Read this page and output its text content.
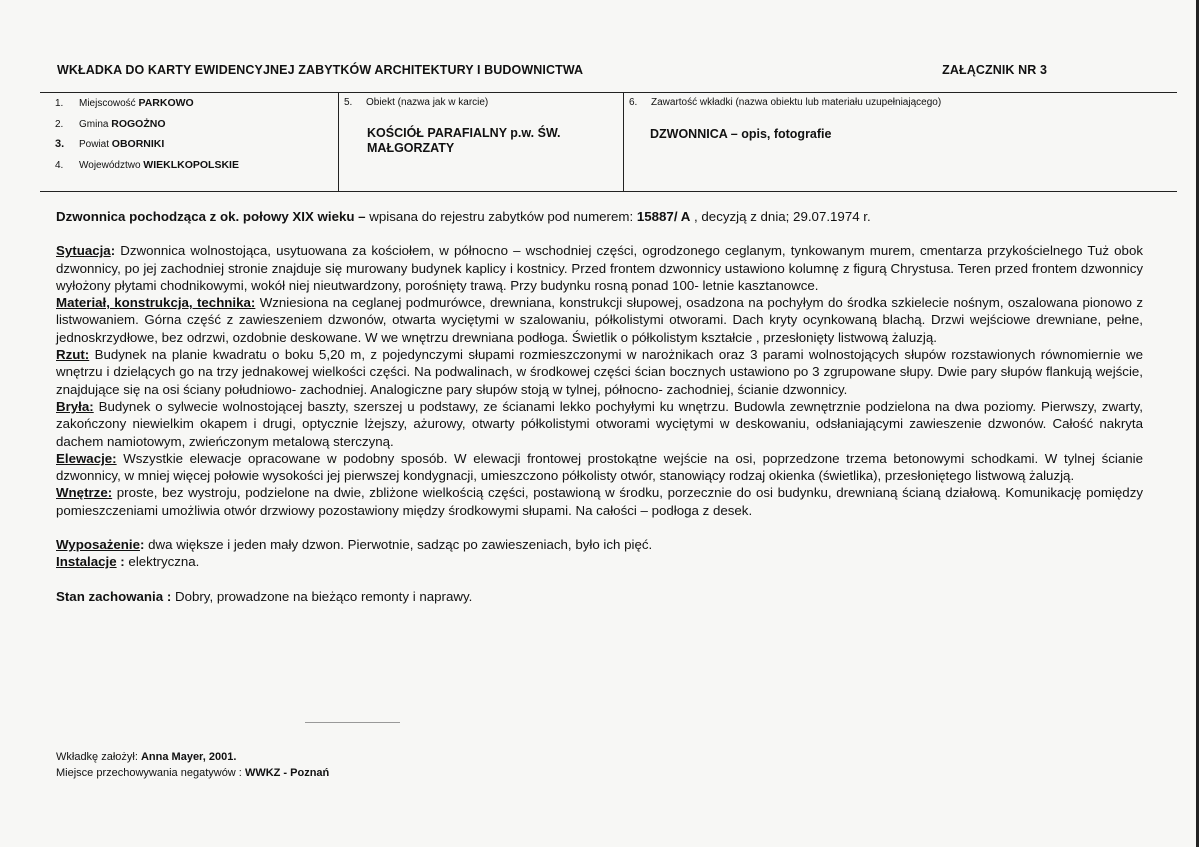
WKŁADKA DO KARTY EWIDENCYJNEJ ZABYTKÓW ARCHITEKTURY I BUDOWNICTWA	ZAŁĄCZNIK NR 3
1. Miejscowość PARKOWO
2. Gmina ROGOŻNO
3. Powiat OBORNIKI
4. Województwo WIEKLKOPOLSKIE
5. Obiekt (nazwa jak w karcie)
KOŚCIÓŁ PARAFIALNY p.w. ŚW. MAŁGORZATY
6. Zawartość wkładki (nazwa obiektu lub materiału uzupełniającego)
DZWONNICA – opis, fotografie

Dzwonnica pochodząca z ok. połowy XIX wieku – wpisana do rejestru zabytków pod numerem: 15887/ A , decyzją z dnia; 29.07.1974 r.

Sytuacja: Dzwonnica wolnostojąca, usytuowana za kościołem, w północno – wschodniej części, ogrodzonego ceglanym, tynkowanym murem, cmentarza przykościelnego Tuż obok dzwonnicy, po jej zachodniej stronie znajduje się murowany budynek kaplicy i kostnicy. Przed frontem dzwonnicy ustawiono kolumnę z figurą Chrystusa. Teren przed frontem dzwonnicy wyłożony płytami chodnikowymi, wokół niej nieutwardzony, porośnięty trawą. Przy budynku rosną ponad 100- letnie kasztanowce.

Materiał, konstrukcja, technika: Wzniesiona na ceglanej podmurówce, drewniana, konstrukcji słupowej, osadzona na pochyłym do środka szkielecie nośnym, oszalowana pionowo z listwowaniem. Górna część z zawieszeniem dzwonów, otwarta wyciętymi w szalowaniu, półkolistymi otworami. Dach kryty ocynkowaną blachą. Drzwi wejściowe drewniane, pełne, jednoskrzydłowe, bez odrzwi, ozdobnie deskowane. W we wnętrzu drewniana podłoga. Świetlik o półkolistym kształcie , przesłonięty listwową żaluzją.

Rzut: Budynek na planie kwadratu o boku 5,20 m, z pojedynczymi słupami rozmieszczonymi w narożnikach oraz 3 parami wolnostojących słupów rozstawionych równomiernie we wnętrzu i dzielących go na trzy jednakowej wielkości części. Na podwalinach, w środkowej części ścian bocznych ustawiono po 3 zgrupowane słupy. Dwie pary słupów flankują wejście, znajdujące się na osi ściany południowo- zachodniej. Analogiczne pary słupów stoją w tylnej, północno- zachodniej, ścianie dzwonnicy.

Bryła: Budynek o sylwecie wolnostojącej baszty, szerszej u podstawy, ze ścianami lekko pochyłymi ku wnętrzu. Budowla zewnętrznie podzielona na dwa poziomy. Pierwszy, zwarty, zakończony niewielkim okapem i drugi, optycznie lżejszy, ażurowy, otwarty półkolistymi otworami wyciętymi w deskowaniu, odsłaniającymi zawieszenie dzwonów. Całość nakryta dachem namiotowym, zwieńczonym metalową sterczyną.

Elewacje: Wszystkie elewacje opracowane w podobny sposób. W elewacji frontowej prostokątne wejście na osi, poprzedzone trzema betonowymi schodkami. W tylnej ścianie dzwonnicy, w mniej więcej połowie wysokości jej pierwszej kondygnacji, umieszczono półkolisty otwór, stanowiący rodzaj okienka (świetlika), przesłoniętego listwową żaluzją.

Wnętrze: proste, bez wystroju, podzielone na dwie, zbliżone wielkością części, postawioną w środku, porzecznie do osi budynku, drewnianą ścianą działową. Komunikację pomiędzy pomieszczeniami umożliwia otwór drzwiowy pozostawiony między środkowymi słupami. Na całości – podłoga z desek.

Wyposażenie: dwa większe i jeden mały dzwon. Pierwotnie, sadząc po zawieszeniach, było ich pięć.

Instalacje : elektryczna.

Stan zachowania : Dobry, prowadzone na bieżąco remonty i naprawy.

Wkładkę założył: Anna Mayer, 2001.
Miejsce przechowywania negatywów : WWKZ - Poznań
